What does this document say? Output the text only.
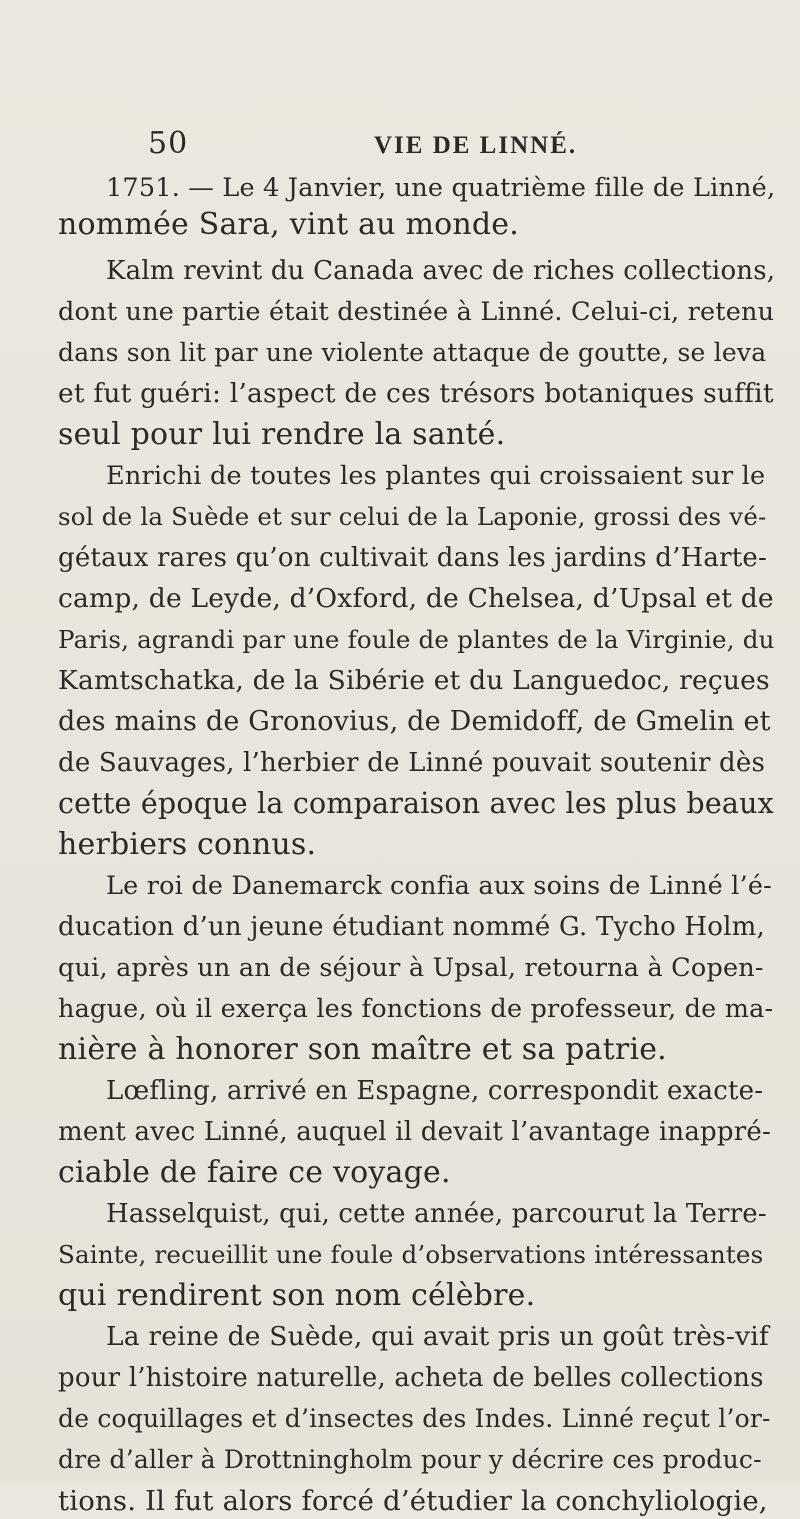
50	VIE DE LINNÉ.
1751. — Le 4 Janvier, une quatrième fille de Linné,
nommée Sara, vint au monde.
Kalm revint du Canada avec de riches collections,
dont une partie était destinée à Linné. Celui-ci, retenu
dans son lit par une violente attaque de goutte, se leva
et fut guéri: l’aspect de ces trésors botaniques suffit
seul pour lui rendre la santé.
Enrichi de toutes les plantes qui croissaient sur le
sol de la Suède et sur celui de la Laponie, grossi des vé-
gétaux rares qu’on cultivait dans les jardins d’Harte-
camp, de Leyde, d’Oxford, de Chelsea, d’Upsal et de
Paris, agrandi par une foule de plantes de la Virginie, du
Kamtschatka, de la Sibérie et du Languedoc, reçues
des mains de Gronovius, de Demidoff, de Gmelin et
de Sauvages, l’herbier de Linné pouvait soutenir dès
cette époque la comparaison avec les plus beaux
herbiers connus.
Le roi de Danemarck confia aux soins de Linné l’é-
ducation d’un jeune étudiant nommé G. Tycho Holm,
qui, après un an de séjour à Upsal, retourna à Copen-
hague, où il exerça les fonctions de professeur, de ma-
nière à honorer son maître et sa patrie.
Lœfling, arrivé en Espagne, correspondit exacte-
ment avec Linné, auquel il devait l’avantage inappré-
ciable de faire ce voyage.
Hasselquist, qui, cette année, parcourut la Terre-
Sainte, recueillit une foule d’observations intéressantes
qui rendirent son nom célèbre.
La reine de Suède, qui avait pris un goût très-vif
pour l’histoire naturelle, acheta de belles collections
de coquillages et d’insectes des Indes. Linné reçut l’or-
dre d’aller à Drottningholm pour y décrire ces produc-
tions. Il fut alors forcé d’étudier la conchyliologie,
